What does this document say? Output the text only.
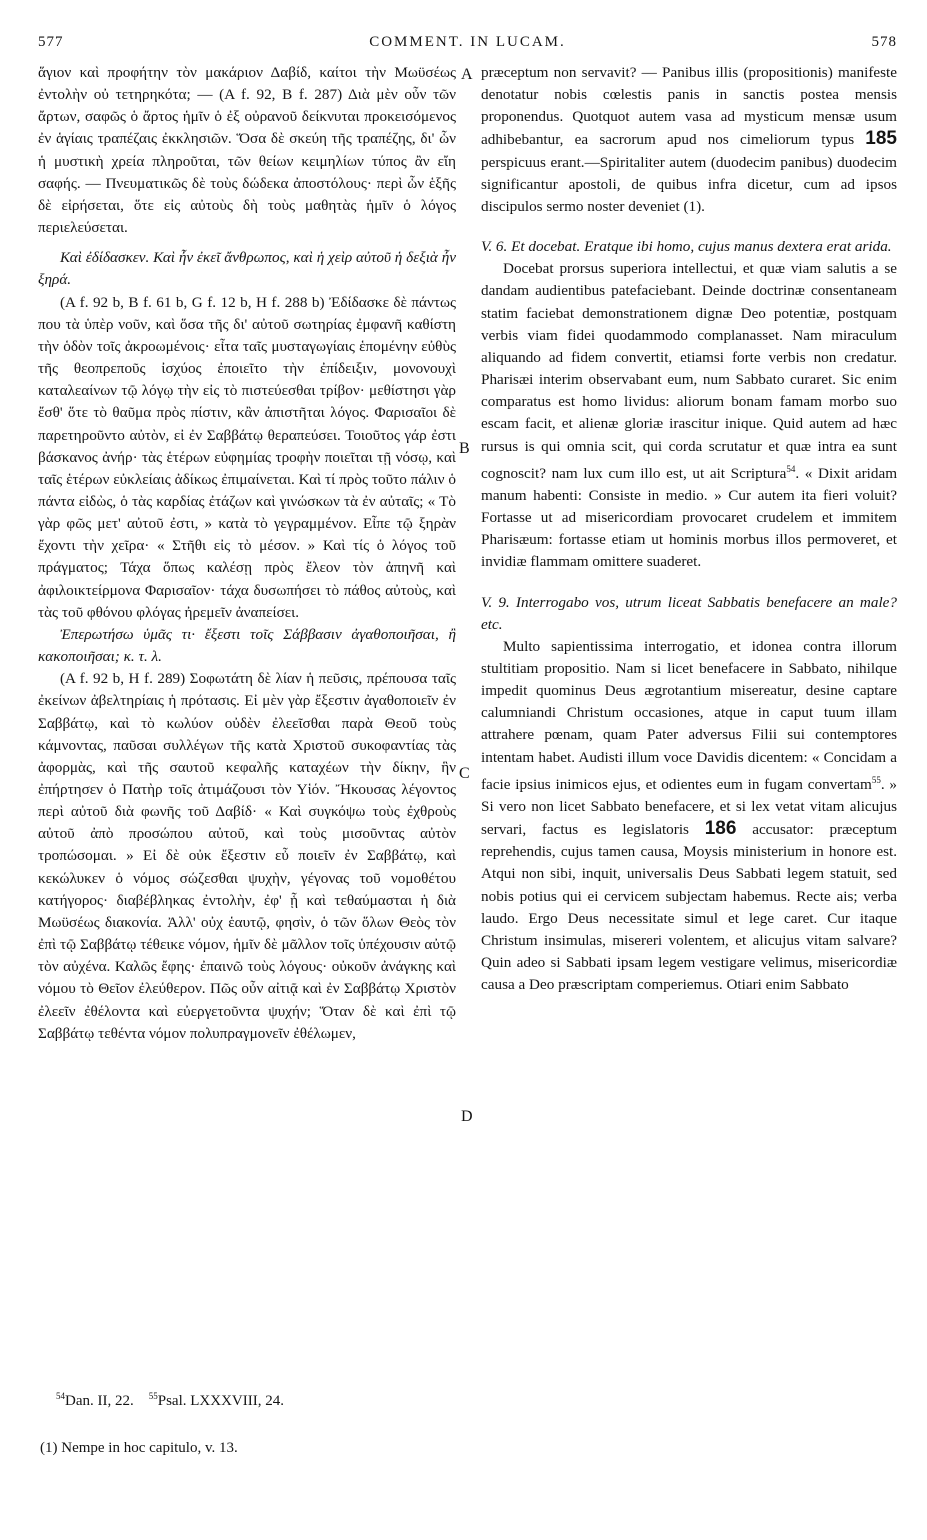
577	COMMENT. IN LUCAM.	578

ἅγιον καὶ προφήτην τὸν μακάριον Δαβίδ, καίτοι τὴν Μωϋσέως ἐντολὴν οὐ τετηρηκότα; — (A f. 92, B f. 287) Διὰ μὲν οὖν τῶν ἄρτων, σαφῶς ὁ ἄρτος ἡμῖν ὁ ἐξ οὐρανοῦ δείκνυται προκεισόμενος ἐν ἁγίαις τραπέζαις ἐκκλησιῶν. Ὅσα δὲ σκεύη τῆς τραπέζης, δι' ὧν ἡ μυστικὴ χρεία πληροῦται, τῶν θείων κειμηλίων τύπος ἂν εἴη σαφής. — Πνευματικῶς δὲ τοὺς δώδεκα ἀποστόλους· περὶ ὧν ἑξῆς δὲ εἰρήσεται, ὅτε εἰς αὐτοὺς δὴ τοὺς μαθητὰς ἡμῖν ὁ λόγος περιελεύσεται.

Καὶ ἐδίδασκεν. Καὶ ἦν ἐκεῖ ἄνθρωπος, καὶ ἡ χεὶρ αὐτοῦ ἡ δεξιὰ ἦν ξηρά.

(A f. 92 b, B f. 61 b, G f. 12 b, H f. 288 b) Ἐδίδασκε δὲ πάντως που τὰ ὑπὲρ νοῦν, καὶ ὅσα τῆς δι' αὐτοῦ σωτηρίας ἐμφανῆ καθίστη τὴν ὁδὸν τοῖς ἀκροωμένοις· εἶτα ταῖς μυσταγωγίαις ἑπομένην εὐθὺς τῆς θεοπρεποῦς ἰσχύος ἐποιεῖτο τὴν ἐπίδειξιν, μονονουχὶ καταλεαίνων τῷ λόγῳ τὴν εἰς τὸ πιστεύεσθαι τρίβον· μεθίστησι γὰρ ἔσθ' ὅτε τὸ θαῦμα πρὸς πίστιν, κἂν ἀπιστῆται λόγος. Φαρισαῖοι δὲ παρετηροῦντο αὐτὸν, εἰ ἐν Σαββάτῳ θεραπεύσει. Τοιοῦτος γάρ ἐστι βάσκανος ἀνήρ· τὰς ἑτέρων εὐφημίας τροφὴν ποιεῖται τῇ νόσῳ, καὶ ταῖς ἑτέρων εὐκλείαις ἀδίκως ἐπιμαίνεται. Καὶ τί πρὸς τοῦτο πάλιν ὁ πάντα εἰδὼς, ὁ τὰς καρδίας ἐτάζων καὶ γινώσκων τὰ ἐν αὐταῖς; « Τὸ γὰρ φῶς μετ' αὐτοῦ ἐστι, » κατὰ τὸ γεγραμμένον. Εἶπε τῷ ξηρὰν ἔχοντι τὴν χεῖρα· « Στῆθι εἰς τὸ μέσον. » Καὶ τίς ὁ λόγος τοῦ πράγματος; Τάχα ὅπως καλέσῃ πρὸς ἔλεον τὸν ἀπηνῆ καὶ ἀφιλοικτείρμονα Φαρισαῖον· τάχα δυσωπήσει τὸ πάθος αὐτοὺς, καὶ τὰς τοῦ φθόνου φλόγας ἠρεμεῖν ἀναπείσει.

Ἐπερωτήσω ὑμᾶς τι· ἔξεστι τοῖς Σάββασιν ἀγαθοποιῆσαι, ἢ κακοποιῆσαι; κ. τ. λ.

(A f. 92 b, H f. 289) Σοφωτάτη δὲ λίαν ἡ πεῦσις, πρέπουσα ταῖς ἐκείνων ἀβελτηρίαις ἡ πρότασις. Εἰ μὲν γὰρ ἔξεστιν ἀγαθοποιεῖν ἐν Σαββάτῳ, καὶ τὸ κωλύον οὐδὲν ἐλεεῖσθαι παρὰ Θεοῦ τοὺς κάμνοντας, παῦσαι συλλέγων τῆς κατὰ Χριστοῦ συκοφαντίας τὰς ἀφορμὰς, καὶ τῆς σαυτοῦ κεφαλῆς καταχέων τὴν δίκην, ἣν ἐπήρτησεν ὁ Πατὴρ τοῖς ἀτιμάζουσι τὸν Υἱόν. Ἤκουσας λέγοντος περὶ αὐτοῦ διὰ φωνῆς τοῦ Δαβίδ· « Καὶ συγκόψω τοὺς ἐχθροὺς αὐτοῦ ἀπὸ προσώπου αὐτοῦ, καὶ τοὺς μισοῦντας αὐτὸν τροπώσομαι. » Εἰ δὲ οὐκ ἔξεστιν εὖ ποιεῖν ἐν Σαββάτῳ, καὶ κεκώλυκεν ὁ νόμος σώζεσθαι ψυχὴν, γέγονας τοῦ νομοθέτου κατήγορος· διαβέβληκας ἐντολὴν, ἐφ' ᾗ καὶ τεθαύμασται ἡ διὰ Μωϋσέως διακονία. Ἀλλ' οὐχ ἑαυτῷ, φησὶν, ὁ τῶν ὅλων Θεὸς τὸν ἐπὶ τῷ Σαββάτῳ τέθεικε νόμον, ἡμῖν δὲ μᾶλλον τοῖς ὑπέχουσιν αὐτῷ τὸν αὐχένα. Καλῶς ἔφης· ἐπαινῶ τοὺς λόγους· οὐκοῦν ἀνάγκης καὶ νόμου τὸ Θεῖον ἐλεύθερον. Πῶς οὖν αἰτιᾷ καὶ ἐν Σαββάτῳ Χριστὸν ἐλεεῖν ἐθέλοντα καὶ εὐεργετοῦντα ψυχήν; Ὅταν δὲ καὶ ἐπὶ τῷ Σαββάτῳ τεθέντα νόμον πολυπραγμονεῖν ἐθέλωμεν,

A
B
C
D

præceptum non servavit? — Panibus illis (propositionis) manifeste denotatur nobis cœlestis panis in sanctis postea mensis proponendus. Quotquot autem vasa ad mysticum mensæ usum adhibebantur, ea sacrorum apud nos cimeliorum typus 185 perspicuus erant.—Spiritaliter autem (duodecim panibus) duodecim significantur apostoli, de quibus infra dicetur, cum ad ipsos discipulos sermo noster deveniet (1).

V. 6. Et docebat. Eratque ibi homo, cujus manus dextera erat arida.

Docebat prorsus superiora intellectui, et quæ viam salutis a se dandam audientibus patefaciebant. Deinde doctrinæ consentaneam statim faciebat demonstrationem dignæ Deo potentiæ, postquam verbis viam fidei quodammodo complanasset. Nam miraculum aliquando ad fidem convertit, etiamsi forte verbis non credatur. Pharisæi interim observabant eum, num Sabbato curaret. Sic enim comparatus est homo lividus: aliorum bonam famam morbo suo escam facit, et alienæ gloriæ irascitur inique. Quid autem ad hæc rursus is qui omnia scit, qui corda scrutatur et quæ intra ea sunt cognoscit? nam lux cum illo est, ut ait Scriptura$^{54}$. « Dixit aridam manum habenti: Consiste in medio. » Cur autem ita fieri voluit? Fortasse ut ad misericordiam provocaret crudelem et immitem Pharisæum: fortasse etiam ut hominis morbus illos permoveret, et invidiæ flammam omittere suaderet.

V. 9. Interrogabo vos, utrum liceat Sabbatis benefacere an male? etc.

Multo sapientissima interrogatio, et idonea contra illorum stultitiam propositio. Nam si licet benefacere in Sabbato, nihilque impedit quominus Deus ægrotantium misereatur, desine captare calumniandi Christum occasiones, atque in caput tuum illam attrahere pœnam, quam Pater adversus Filii sui contemptores intentam habet. Audisti illum voce Davidis dicentem: « Concidam a facie ipsius inimicos ejus, et odientes eum in fugam convertam$^{55}$. » Si vero non licet Sabbato benefacere, et si lex vetat vitam alicujus servari, factus es legislatoris 186 accusator: præceptum reprehendis, cujus tamen causa, Moysis ministerium in honore est. Atqui non sibi, inquit, universalis Deus Sabbati legem statuit, sed nobis potius qui ei cervicem subjectam habemus. Recte ais; verba laudo. Ergo Deus necessitate simul et lege caret. Cur itaque Christum insimulas, misereri volentem, et alicujus vitam salvare? Quin adeo si Sabbati ipsam legem vestigare velimus, misericordiæ causa a Deo præscriptam comperiemus. Otiari enim Sabbato

$^{54}$Dan. II, 22. $^{55}$Psal. LXXXVIII, 24.

(1) Nempe in hoc capitulo, v. 13.
